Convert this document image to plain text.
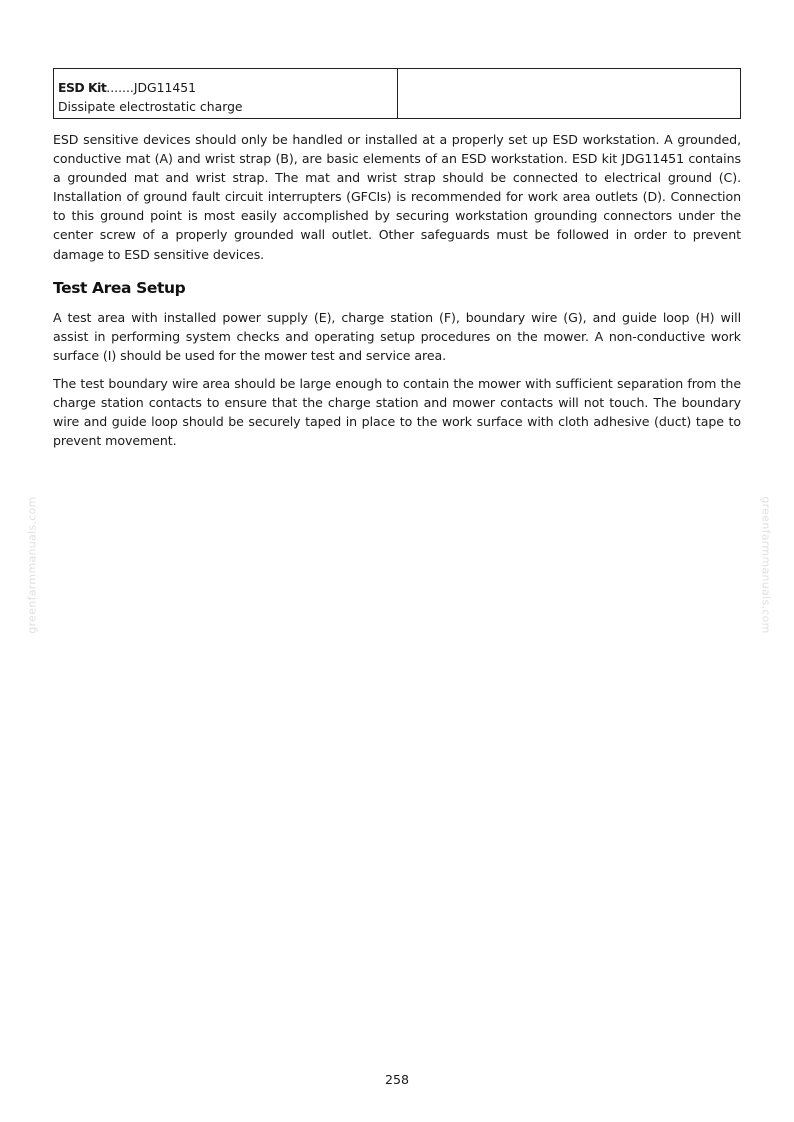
ESD Kit.......JDG11451
Dissipate electrostatic charge

ESD sensitive devices should only be handled or installed at a properly set up ESD workstation. A grounded, conductive mat (A) and wrist strap (B), are basic elements of an ESD workstation. ESD kit JDG11451 contains a grounded mat and wrist strap. The mat and wrist strap should be connected to electrical ground (C). Installation of ground fault circuit interrupters (GFCIs) is recommended for work area outlets (D). Connection to this ground point is most easily accomplished by securing workstation grounding connectors under the center screw of a properly grounded wall outlet. Other safeguards must be followed in order to prevent damage to ESD sensitive devices.

Test Area Setup

A test area with installed power supply (E), charge station (F), boundary wire (G), and guide loop (H) will assist in performing system checks and operating setup procedures on the mower. A non-conductive work surface (I) should be used for the mower test and service area.

The test boundary wire area should be large enough to contain the mower with sufficient separation from the charge station contacts to ensure that the charge station and mower contacts will not touch. The boundary wire and guide loop should be securely taped in place to the work surface with cloth adhesive (duct) tape to prevent movement.

greenfarmmanuals.com	greenfarmmanuals.com
258
